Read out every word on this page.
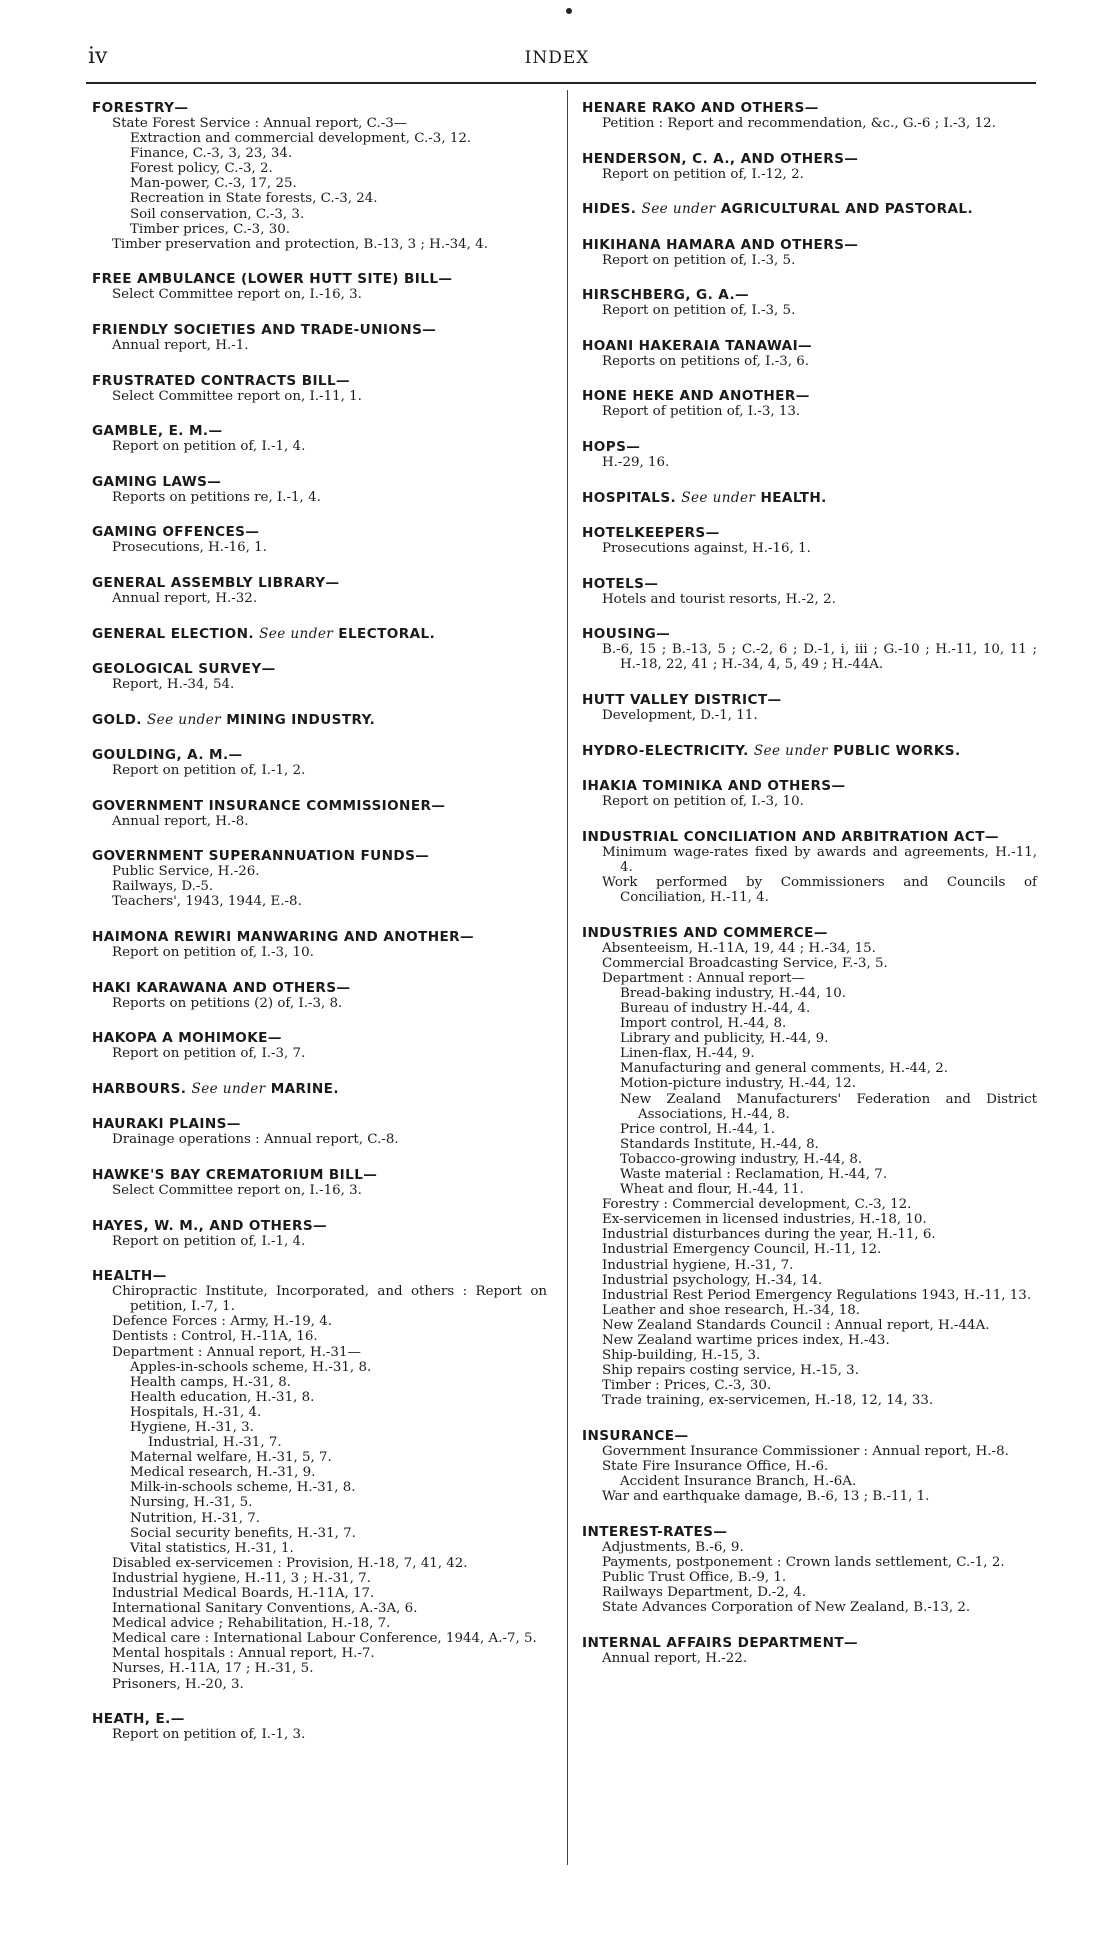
iv	INDEX
FORESTRY—
State Forest Service : Annual report, C.-3—
Extraction and commercial development, C.-3, 12.
Finance, C.-3, 3, 23, 34.
Forest policy, C.-3, 2.
Man-power, C.-3, 17, 25.
Recreation in State forests, C.-3, 24.
Soil conservation, C.-3, 3.
Timber prices, C.-3, 30.
Timber preservation and protection, B.-13, 3 ; H.-34, 4.
FREE AMBULANCE (LOWER HUTT SITE) BILL—
Select Committee report on, I.-16, 3.
FRIENDLY SOCIETIES AND TRADE-UNIONS—
Annual report, H.-1.
FRUSTRATED CONTRACTS BILL—
Select Committee report on, I.-11, 1.
GAMBLE, E. M.—
Report on petition of, I.-1, 4.
GAMING LAWS—
Reports on petitions re, I.-1, 4.
GAMING OFFENCES—
Prosecutions, H.-16, 1.
GENERAL ASSEMBLY LIBRARY—
Annual report, H.-32.
GENERAL ELECTION. See under ELECTORAL.
GEOLOGICAL SURVEY—
Report, H.-34, 54.
GOLD. See under MINING INDUSTRY.
GOULDING, A. M.—
Report on petition of, I.-1, 2.
GOVERNMENT INSURANCE COMMISSIONER—
Annual report, H.-8.
GOVERNMENT SUPERANNUATION FUNDS—
Public Service, H.-26.
Railways, D.-5.
Teachers', 1943, 1944, E.-8.
HAIMONA REWIRI MANWARING AND ANOTHER—
Report on petition of, I.-3, 10.
HAKI KARAWANA AND OTHERS—
Reports on petitions (2) of, I.-3, 8.
HAKOPA A MOHIMOKE—
Report on petition of, I.-3, 7.
HARBOURS. See under MARINE.
HAURAKI PLAINS—
Drainage operations : Annual report, C.-8.
HAWKE'S BAY CREMATORIUM BILL—
Select Committee report on, I.-16, 3.
HAYES, W. M., AND OTHERS—
Report on petition of, I.-1, 4.
HEALTH—
Chiropractic Institute, Incorporated, and others : Report on petition, I.-7, 1.
Defence Forces : Army, H.-19, 4.
Dentists : Control, H.-11A, 16.
Department : Annual report, H.-31—
Apples-in-schools scheme, H.-31, 8.
Health camps, H.-31, 8.
Health education, H.-31, 8.
Hospitals, H.-31, 4.
Hygiene, H.-31, 3.
Industrial, H.-31, 7.
Maternal welfare, H.-31, 5, 7.
Medical research, H.-31, 9.
Milk-in-schools scheme, H.-31, 8.
Nursing, H.-31, 5.
Nutrition, H.-31, 7.
Social security benefits, H.-31, 7.
Vital statistics, H.-31, 1.
Disabled ex-servicemen : Provision, H.-18, 7, 41, 42.
Industrial hygiene, H.-11, 3 ; H.-31, 7.
Industrial Medical Boards, H.-11A, 17.
International Sanitary Conventions, A.-3A, 6.
Medical advice ; Rehabilitation, H.-18, 7.
Medical care : International Labour Conference, 1944, A.-7, 5.
Mental hospitals : Annual report, H.-7.
Nurses, H.-11A, 17 ; H.-31, 5.
Prisoners, H.-20, 3.
HEATH, E.—
Report on petition of, I.-1, 3.
HENARE RAKO AND OTHERS—
Petition : Report and recommendation, &c., G.-6 ; I.-3, 12.
HENDERSON, C. A., AND OTHERS—
Report on petition of, I.-12, 2.
HIDES. See under AGRICULTURAL AND PASTORAL.
HIKIHANA HAMARA AND OTHERS—
Report on petition of, I.-3, 5.
HIRSCHBERG, G. A.—
Report on petition of, I.-3, 5.
HOANI HAKERAIA TANAWAI—
Reports on petitions of, I.-3, 6.
HONE HEKE AND ANOTHER—
Report of petition of, I.-3, 13.
HOPS—
H.-29, 16.
HOSPITALS. See under HEALTH.
HOTELKEEPERS—
Prosecutions against, H.-16, 1.
HOTELS—
Hotels and tourist resorts, H.-2, 2.
HOUSING—
B.-6, 15 ; B.-13, 5 ; C.-2, 6 ; D.-1, i, iii ; G.-10 ; H.-11, 10, 11 ; H.-18, 22, 41 ; H.-34, 4, 5, 49 ; H.-44A.
HUTT VALLEY DISTRICT—
Development, D.-1, 11.
HYDRO-ELECTRICITY. See under PUBLIC WORKS.
IHAKIA TOMINIKA AND OTHERS—
Report on petition of, I.-3, 10.
INDUSTRIAL CONCILIATION AND ARBITRATION ACT—
Minimum wage-rates fixed by awards and agreements, H.-11, 4.
Work performed by Commissioners and Councils of Conciliation, H.-11, 4.
INDUSTRIES AND COMMERCE—
Absenteeism, H.-11A, 19, 44 ; H.-34, 15.
Commercial Broadcasting Service, F.-3, 5.
Department : Annual report—
Bread-baking industry, H.-44, 10.
Bureau of industry H.-44, 4.
Import control, H.-44, 8.
Library and publicity, H.-44, 9.
Linen-flax, H.-44, 9.
Manufacturing and general comments, H.-44, 2.
Motion-picture industry, H.-44, 12.
New Zealand Manufacturers' Federation and District Associations, H.-44, 8.
Price control, H.-44, 1.
Standards Institute, H.-44, 8.
Tobacco-growing industry, H.-44, 8.
Waste material : Reclamation, H.-44, 7.
Wheat and flour, H.-44, 11.
Forestry : Commercial development, C.-3, 12.
Ex-servicemen in licensed industries, H.-18, 10.
Industrial disturbances during the year, H.-11, 6.
Industrial Emergency Council, H.-11, 12.
Industrial hygiene, H.-31, 7.
Industrial psychology, H.-34, 14.
Industrial Rest Period Emergency Regulations 1943, H.-11, 13.
Leather and shoe research, H.-34, 18.
New Zealand Standards Council : Annual report, H.-44A.
New Zealand wartime prices index, H.-43.
Ship-building, H.-15, 3.
Ship repairs costing service, H.-15, 3.
Timber : Prices, C.-3, 30.
Trade training, ex-servicemen, H.-18, 12, 14, 33.
INSURANCE—
Government Insurance Commissioner : Annual report, H.-8.
State Fire Insurance Office, H.-6.
Accident Insurance Branch, H.-6A.
War and earthquake damage, B.-6, 13 ; B.-11, 1.
INTEREST-RATES—
Adjustments, B.-6, 9.
Payments, postponement : Crown lands settlement, C.-1, 2.
Public Trust Office, B.-9, 1.
Railways Department, D.-2, 4.
State Advances Corporation of New Zealand, B.-13, 2.
INTERNAL AFFAIRS DEPARTMENT—
Annual report, H.-22.
